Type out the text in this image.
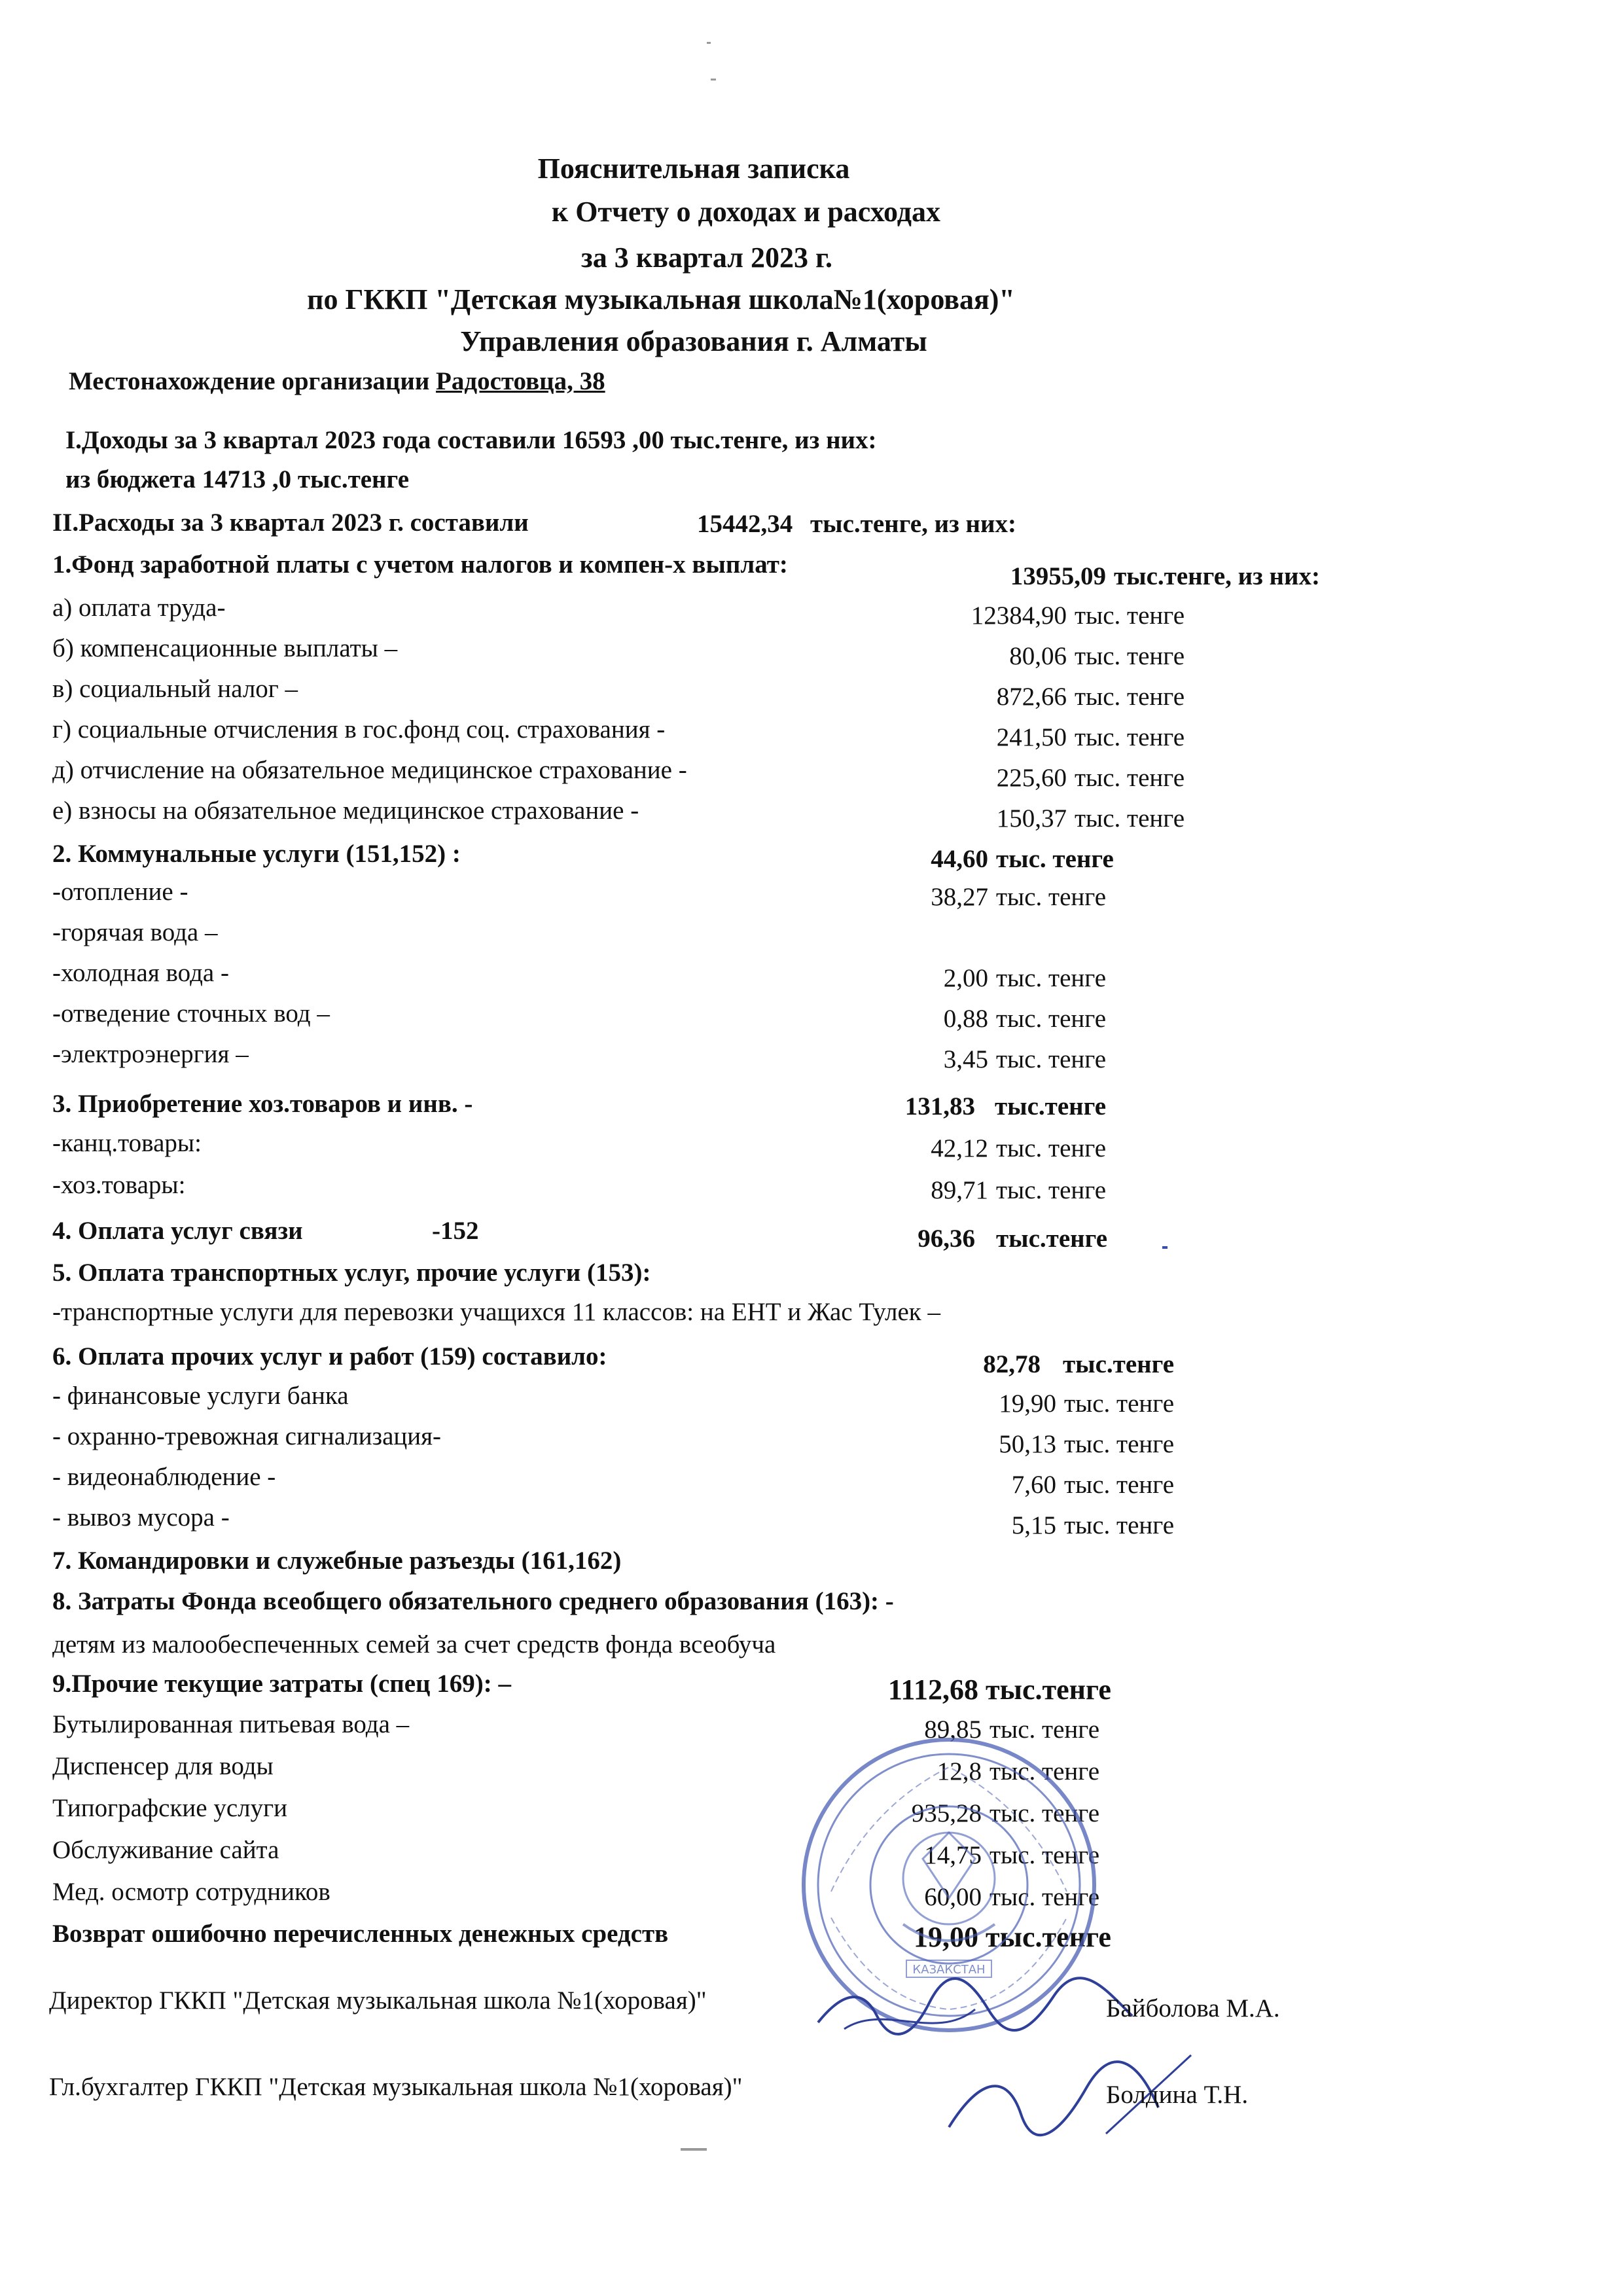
Пояснительная записка
к Отчету о доходах и расходах
за 3 квартал 2023 г.
по ГККП "Детская музыкальная школа№1(хоровая)"
Управления образования г. Алматы
Местонахождение организации Радостовца, 38
I.Доходы за 3 квартал 2023 года составили 16593 ,00 тыс.тенге, из них:
из бюджета 14713 ,0 тыс.тенге
II.Расходы за 3 квартал 2023 г. составили	15442,34 тыс.тенге, из них:
1.Фонд заработной платы с учетом налогов и компен-х выплат:	13955,09 тыс.тенге, из них:
а) оплата труда-	12384,90 тыс. тенге
б) компенсационные выплаты –	80,06 тыс. тенге
в) социальный налог –	872,66 тыс. тенге
г) социальные отчисления в гос.фонд соц. страхования -	241,50 тыс. тенге
д) отчисление на обязательное медицинское страхование -	225,60 тыс. тенге
е) взносы на обязательное медицинское страхование -	150,37 тыс. тенге
2. Коммунальные услуги (151,152) :	44,60 тыс. тенге
-отопление -	38,27 тыс. тенге
-горячая вода –
-холодная вода -	2,00 тыс. тенге
-отведение сточных вод –	0,88 тыс. тенге
-электроэнергия –	3,45 тыс. тенге
3. Приобретение хоз.товаров и инв. -	131,83 тыс.тенге
-канц.товары:	42,12 тыс. тенге
-хоз.товары:	89,71 тыс. тенге
4. Оплата услуг связи	-152	96,36 тыс.тенге
5. Оплата транспортных услуг, прочие услуги (153):
-транспортные услуги для перевозки учащихся 11 классов: на ЕНТ и Жас Тулек –
6. Оплата прочих услуг и работ (159) составило:	82,78 тыс.тенге
- финансовые услуги банка	19,90 тыс. тенге
- охранно-тревожная сигнализация-	50,13 тыс. тенге
- видеонаблюдение -	7,60 тыс. тенге
- вывоз мусора -	5,15 тыс. тенге
7. Командировки и служебные разъезды (161,162)
8. Затраты Фонда всеобщего обязательного среднего образования (163): -
детям из малообеспеченных семей за счет средств фонда всеобуча
9.Прочие текущие затраты (спец 169): –	1112,68 тыс.тенге
Бутылированная питьевая вода –	89,85 тыс. тенге
Диспенсер для воды	12,8 тыс. тенге
Типографские услуги	935,28 тыс. тенге
Обслуживание сайта	14,75 тыс. тенге
Мед. осмотр сотрудников	60,00 тыс. тенге
Возврат ошибочно перечисленных денежных средств	19,00 тыс.тенге
КАЗАКСТАН
Директор ГККП "Детская музыкальная школа №1(хоровая)"	Байболова М.А.
Гл.бухгалтер ГККП "Детская музыкальная школа №1(хоровая)"	Болдина Т.Н.
